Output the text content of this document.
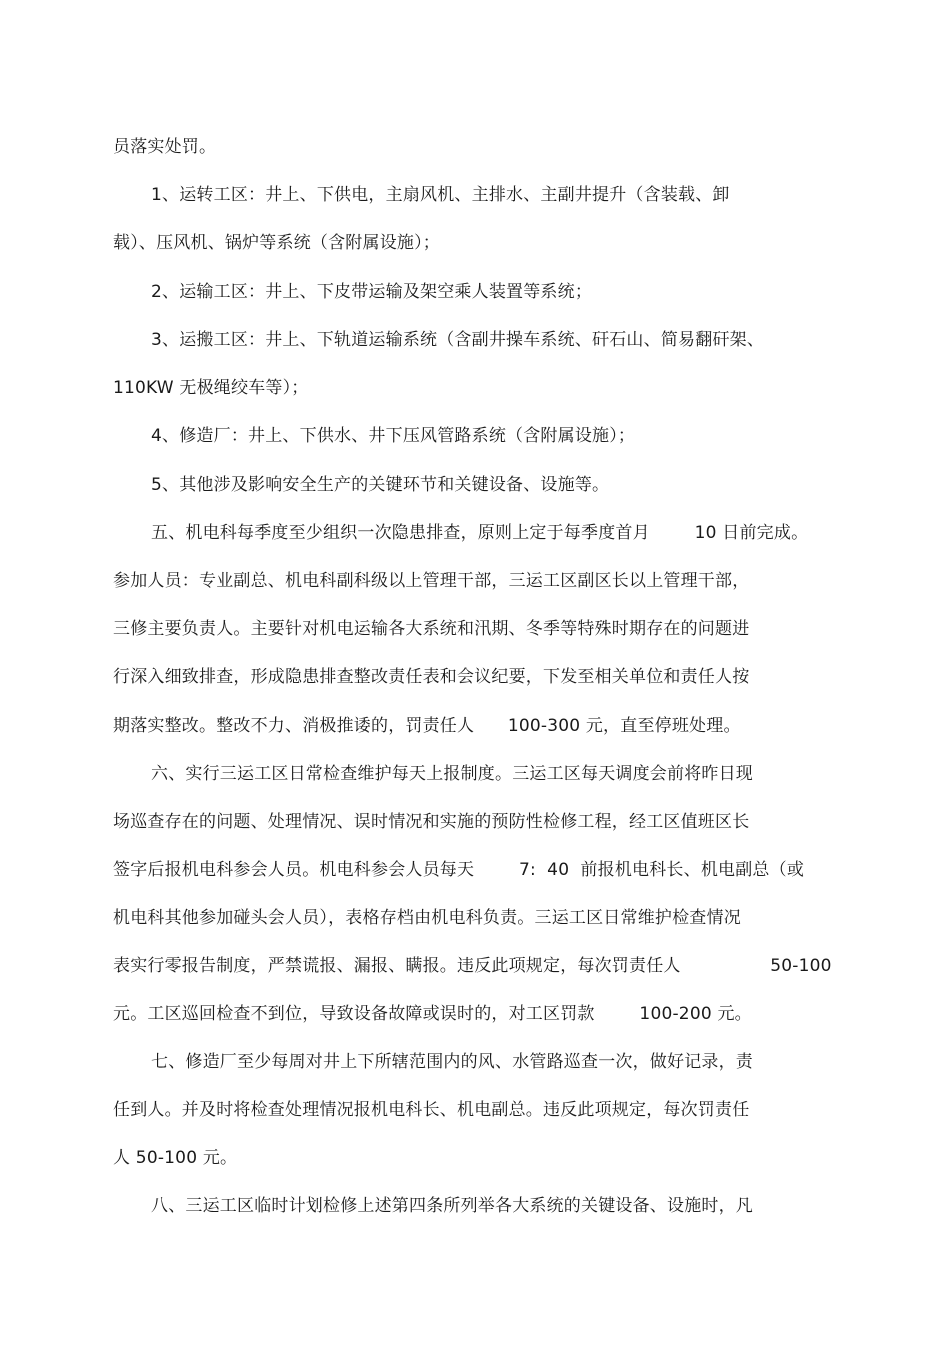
员落实处罚。
1、运转工区：井上、下供电，主扇风机、主排水、主副井提升（含装载、卸
载）、压风机、锅炉等系统（含附属设施）；
2、运输工区：井上、下皮带运输及架空乘人装置等系统；
3、运搬工区：井上、下轨道运输系统（含副井操车系统、矸石山、简易翻矸架、
110KW 无极绳绞车等）；
4、修造厂：井上、下供水、井下压风管路系统（含附属设施）；
5、其他涉及影响安全生产的关键环节和关键设备、设施等。
五、机电科每季度至少组织一次隐患排查，原则上定于每季度首月        10 日前完成。
参加人员：专业副总、机电科副科级以上管理干部，三运工区副区长以上管理干部，
三修主要负责人。主要针对机电运输各大系统和汛期、冬季等特殊时期存在的问题进
行深入细致排查，形成隐患排查整改责任表和会议纪要，下发至相关单位和责任人按
期落实整改。整改不力、消极推诿的，罚责任人      100-300 元，直至停班处理。
六、实行三运工区日常检查维护每天上报制度。三运工区每天调度会前将昨日现
场巡查存在的问题、处理情况、误时情况和实施的预防性检修工程，经工区值班区长
签字后报机电科参会人员。机电科参会人员每天        7:  40  前报机电科长、机电副总（或
机电科其他参加碰头会人员），表格存档由机电科负责。三运工区日常维护检查情况
表实行零报告制度，严禁谎报、漏报、瞒报。违反此项规定，每次罚责任人                50-100
元。工区巡回检查不到位，导致设备故障或误时的，对工区罚款        100-200 元。
七、修造厂至少每周对井上下所辖范围内的风、水管路巡查一次，做好记录，责
任到人。并及时将检查处理情况报机电科长、机电副总。违反此项规定，每次罚责任
人 50-100 元。
八、三运工区临时计划检修上述第四条所列举各大系统的关键设备、设施时，凡
